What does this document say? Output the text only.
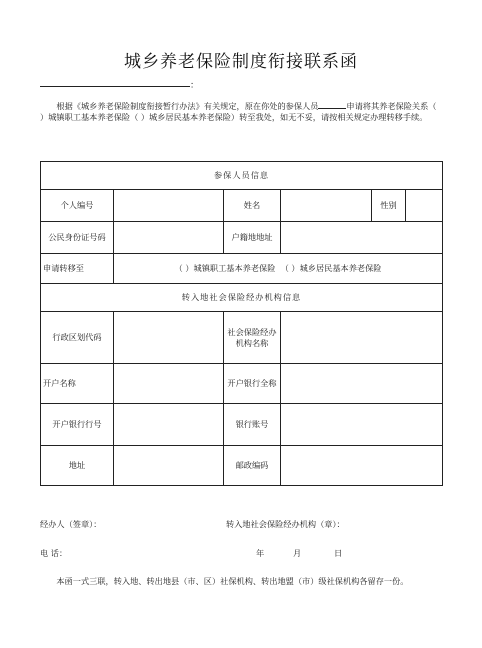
城乡养老保险制度衔接联系函
：
根据《城乡养老保险制度衔接暂行办法》有关规定，原在你处的参保人员	申请将其养老保险关系（ ）城镇职工基本养老保险（ ）城乡居民基本养老保险）转至我处，如无不妥，请按相关规定办理转移手续。
参保人员信息					
个人编号		姓名		性别	
公民身份证号码		户籍地地址			
申请转移至	（ ）城镇职工基本养老保险 （ ）城乡居民基本养老保险				
转入地社会保险经办机构信息					
行政区划代码		社会保险经办机构名称			
开户名称		开户银行全称			
开户银行行号		银行账号			
地址		邮政编码			
经办人（签章）：	转入地社会保险经办机构（章）：
电 话：	年	月	日
本函一式三联，转入地、转出地县（市、区）社保机构、转出地盟（市）级社保机构各留存一份。
